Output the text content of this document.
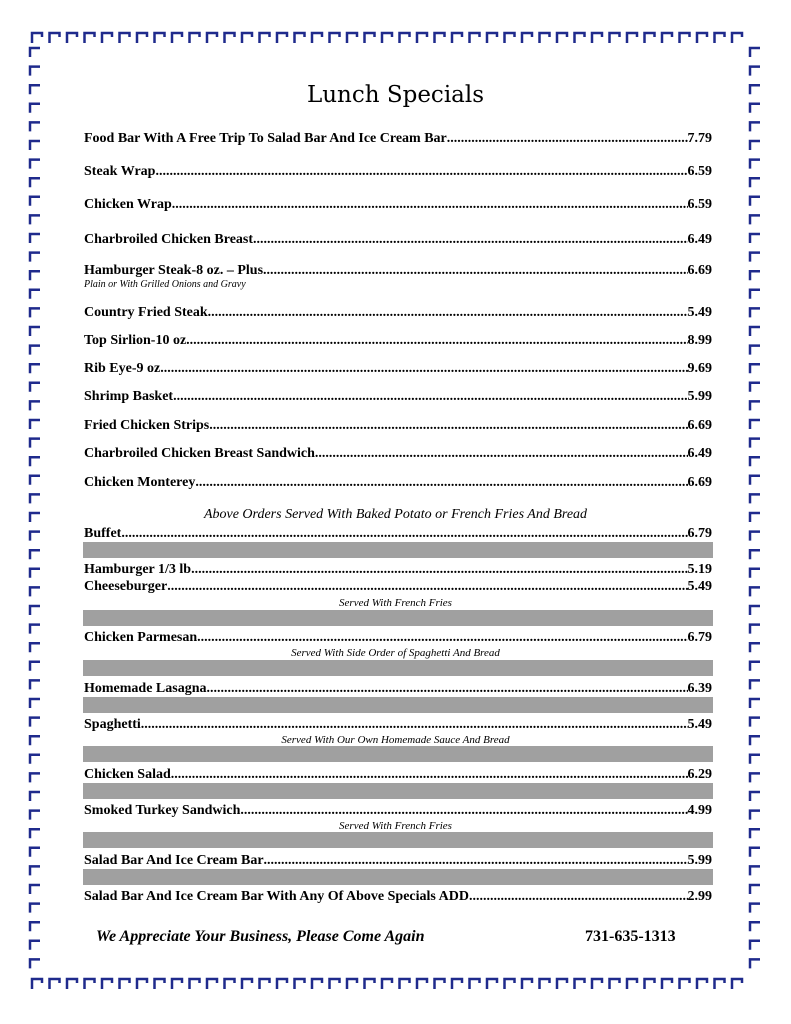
Lunch Specials
Food Bar With A Free Trip To Salad Bar And Ice Cream Bar .....	7.79
Steak Wrap .....	6.59
Chicken Wrap .....	6.59
Charbroiled Chicken Breast .....	6.49
Hamburger Steak-8 oz. – Plus .....	6.69
Plain or With Grilled Onions and Gravy
Country Fried Steak .....	5.49
Top Sirlion-10 oz .....	8.99
Rib Eye-9 oz .....	9.69
Shrimp Basket .....	5.99
Fried Chicken Strips .....	6.69
Charbroiled Chicken Breast Sandwich .....	6.49
Chicken Monterey .....	6.69
Above Orders Served With Baked Potato or French Fries And Bread
Buffet .....	6.79
Hamburger 1/3 lb .....	5.19
Cheeseburger .....	5.49
Served With French Fries
Chicken Parmesan .....	6.79
Served With Side Order of Spaghetti And Bread
Homemade Lasagna .....	6.39
Spaghetti .....	5.49
Served With Our Own Homemade Sauce And Bread
Chicken Salad .....	6.29
Smoked Turkey Sandwich .....	4.99
Served With French Fries
Salad Bar And Ice Cream Bar .....	5.99
Salad Bar And Ice Cream Bar With Any Of Above Specials ADD .....	2.99
We Appreciate Your Business, Please Come Again	731-635-1313
